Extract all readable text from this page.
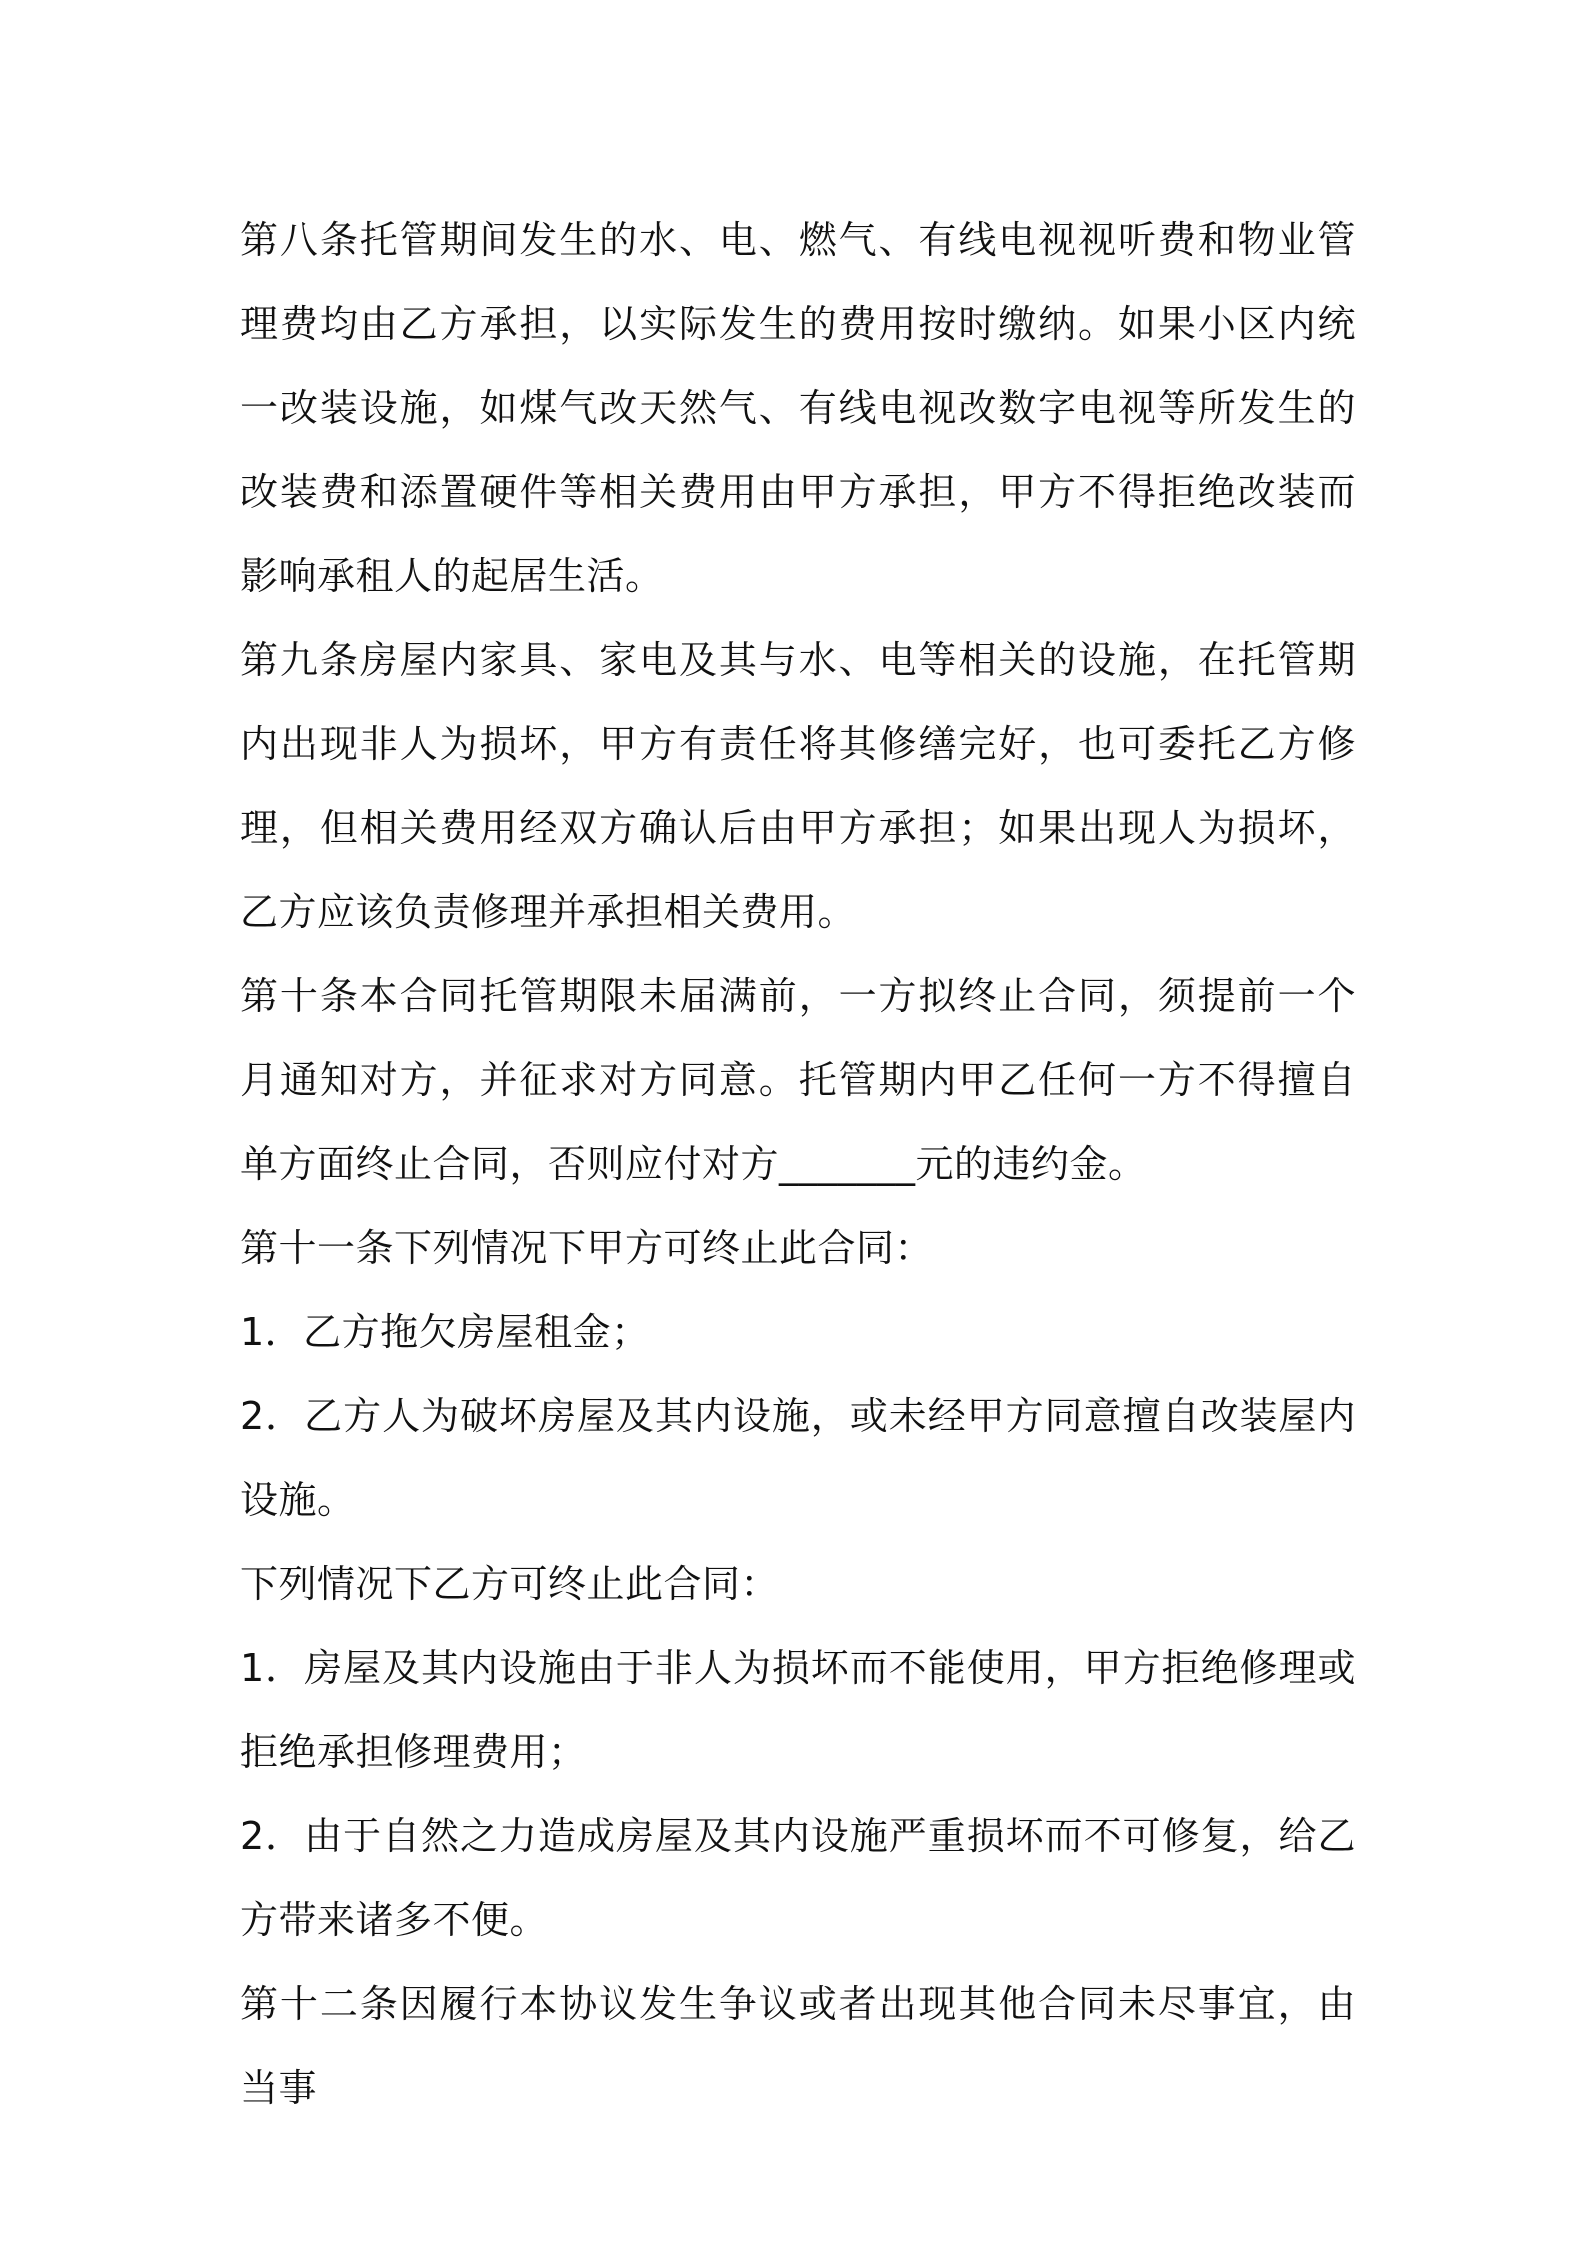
第八条托管期间发生的水、电、燃气、有线电视视听费和物业管理费均由乙方承担，以实际发生的费用按时缴纳。如果小区内统一改装设施，如煤气改天然气、有线电视改数字电视等所发生的改装费和添置硬件等相关费用由甲方承担，甲方不得拒绝改装而影响承租人的起居生活。

第九条房屋内家具、家电及其与水、电等相关的设施，在托管期内出现非人为损坏，甲方有责任将其修缮完好，也可委托乙方修理，但相关费用经双方确认后由甲方承担；如果出现人为损坏，乙方应该负责修理并承担相关费用。

第十条本合同托管期限未届满前，一方拟终止合同，须提前一个月通知对方，并征求对方同意。托管期内甲乙任何一方不得擅自单方面终止合同，否则应付对方_______元的违约金。

第十一条下列情况下甲方可终止此合同：

1．乙方拖欠房屋租金；

2．乙方人为破坏房屋及其内设施，或未经甲方同意擅自改装屋内设施。

下列情况下乙方可终止此合同：

1．房屋及其内设施由于非人为损坏而不能使用，甲方拒绝修理或拒绝承担修理费用；

2．由于自然之力造成房屋及其内设施严重损坏而不可修复，给乙方带来诸多不便。

第十二条因履行本协议发生争议或者出现其他合同未尽事宜，由当事
